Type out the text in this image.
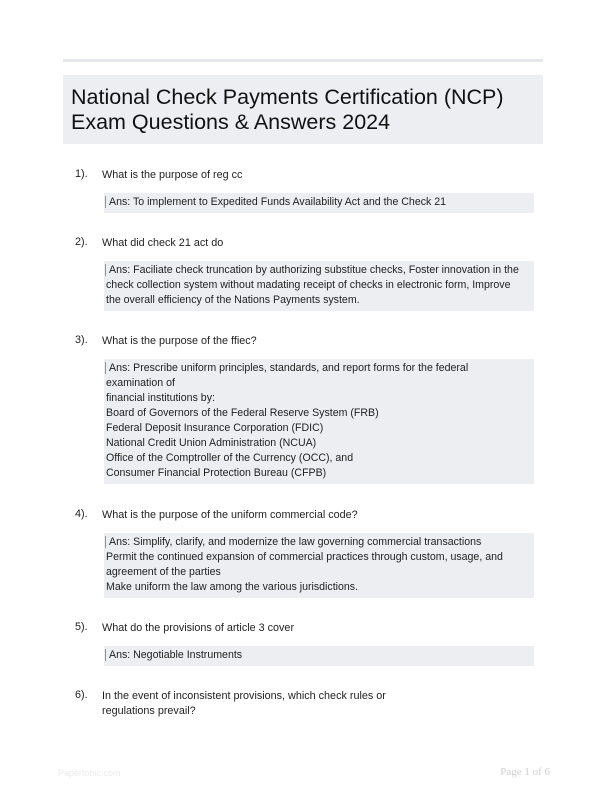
National Check Payments Certification (NCP)
Exam Questions & Answers 2024
1). What is the purpose of reg cc
Ans: To implement to Expedited Funds Availability Act and the Check 21
2). What did check 21 act do
Ans: Faciliate check truncation by authorizing substitue checks, Foster innovation in the
check collection system without madating receipt of checks in electronic form, Improve
the overall efficiency of the Nations Payments system.
3). What is the purpose of the ffiec?
Ans: Prescribe uniform principles, standards, and report forms for the federal
examination of
financial institutions by:
Board of Governors of the Federal Reserve System (FRB)
Federal Deposit Insurance Corporation (FDIC)
National Credit Union Administration (NCUA)
Office of the Comptroller of the Currency (OCC), and
Consumer Financial Protection Bureau (CFPB)
4). What is the purpose of the uniform commercial code?
Ans: Simplify, clarify, and modernize the law governing commercial transactions
Permit the continued expansion of commercial practices through custom, usage, and
agreement of the parties
Make uniform the law among the various jurisdictions.
5). What do the provisions of article 3 cover
Ans: Negotiable Instruments
6). In the event of inconsistent provisions, which check rules or
regulations prevail?
Papertobic.com	Page 1 of 6
